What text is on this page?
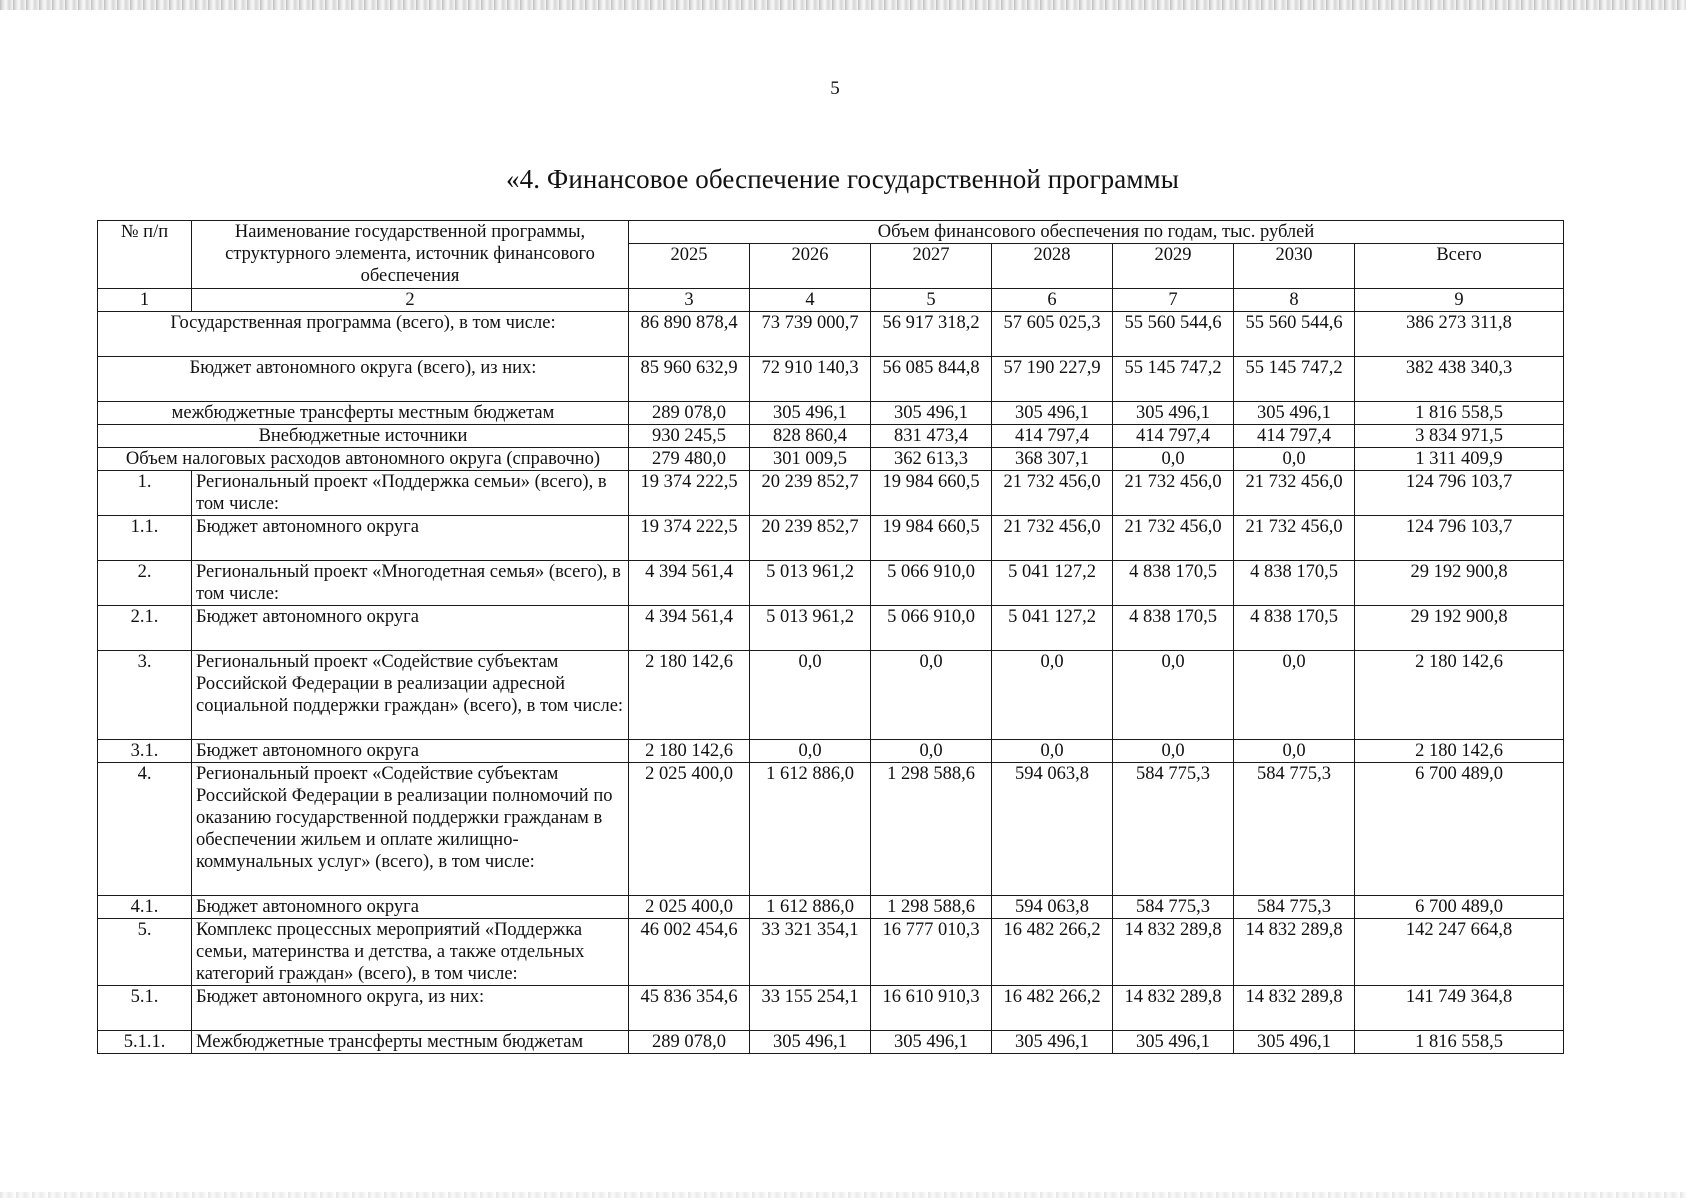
5
«4. Финансовое обеспечение государственной программы
№ п/п	Наименование государственной программы, структурного элемента, источник финансового обеспечения	Объем финансового обеспечения по годам, тыс. рублей						
		2025	2026	2027	2028	2029	2030	Всего
1	2	3	4	5	6	7	8	9
Государственная программа (всего), в том числе:		86 890 878,4	73 739 000,7	56 917 318,2	57 605 025,3	55 560 544,6	55 560 544,6	386 273 311,8
Бюджет автономного округа (всего), из них:		85 960 632,9	72 910 140,3	56 085 844,8	57 190 227,9	55 145 747,2	55 145 747,2	382 438 340,3
межбюджетные трансферты местным бюджетам		289 078,0	305 496,1	305 496,1	305 496,1	305 496,1	305 496,1	1 816 558,5
Внебюджетные источники		930 245,5	828 860,4	831 473,4	414 797,4	414 797,4	414 797,4	3 834 971,5
Объем налоговых расходов автономного округа (справочно)		279 480,0	301 009,5	362 613,3	368 307,1	0,0	0,0	1 311 409,9
1.	Региональный проект «Поддержка семьи» (всего), в том числе:	19 374 222,5	20 239 852,7	19 984 660,5	21 732 456,0	21 732 456,0	21 732 456,0	124 796 103,7
1.1.	Бюджет автономного округа	19 374 222,5	20 239 852,7	19 984 660,5	21 732 456,0	21 732 456,0	21 732 456,0	124 796 103,7
2.	Региональный проект «Многодетная семья» (всего), в том числе:	4 394 561,4	5 013 961,2	5 066 910,0	5 041 127,2	4 838 170,5	4 838 170,5	29 192 900,8
2.1.	Бюджет автономного округа	4 394 561,4	5 013 961,2	5 066 910,0	5 041 127,2	4 838 170,5	4 838 170,5	29 192 900,8
3.	Региональный проект «Содействие субъектам Российской Федерации в реализации адресной социальной поддержки граждан» (всего), в том числе:	2 180 142,6	0,0	0,0	0,0	0,0	0,0	2 180 142,6
3.1.	Бюджет автономного округа	2 180 142,6	0,0	0,0	0,0	0,0	0,0	2 180 142,6
4.	Региональный проект «Содействие субъектам Российской Федерации в реализации полномочий по оказанию государственной поддержки гражданам в обеспечении жильем и оплате жилищно-коммунальных услуг» (всего), в том числе:	2 025 400,0	1 612 886,0	1 298 588,6	594 063,8	584 775,3	584 775,3	6 700 489,0
4.1.	Бюджет автономного округа	2 025 400,0	1 612 886,0	1 298 588,6	594 063,8	584 775,3	584 775,3	6 700 489,0
5.	Комплекс процессных мероприятий «Поддержка семьи, материнства и детства, а также отдельных категорий граждан» (всего), в том числе:	46 002 454,6	33 321 354,1	16 777 010,3	16 482 266,2	14 832 289,8	14 832 289,8	142 247 664,8
5.1.	Бюджет автономного округа, из них:	45 836 354,6	33 155 254,1	16 610 910,3	16 482 266,2	14 832 289,8	14 832 289,8	141 749 364,8
5.1.1.	Межбюджетные трансферты местным бюджетам	289 078,0	305 496,1	305 496,1	305 496,1	305 496,1	305 496,1	1 816 558,5
